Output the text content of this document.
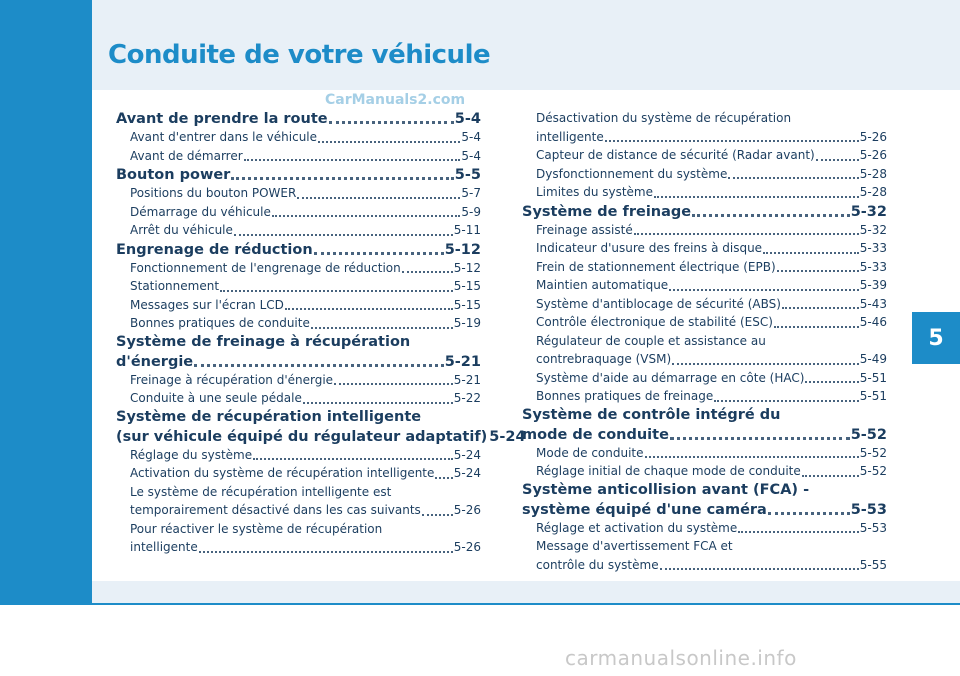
Conduite de votre véhicule
CarManuals2.com
carmanualsonline.info
5
Avant de prendre la route	5-4
Avant d'entrer dans le véhicule	5-4
Avant de démarrer	5-4
Bouton power	5-5
Positions du bouton POWER	5-7
Démarrage du véhicule	5-9
Arrêt du véhicule	5-11
Engrenage de réduction	5-12
Fonctionnement de l'engrenage de réduction	5-12
Stationnement	5-15
Messages sur l'écran LCD	5-15
Bonnes pratiques de conduite	5-19
Système de freinage à récupération
d'énergie	5-21
Freinage à récupération d'énergie	5-21
Conduite à une seule pédale	5-22
Système de récupération intelligente
(sur véhicule équipé du régulateur adaptatif) 5-24
Réglage du système	5-24
Activation du système de récupération intelligente 5-24
Le système de récupération intelligente est
temporairement désactivé dans les cas suivants	5-26
Pour réactiver le système de récupération
intelligente	5-26
Désactivation du système de récupération
intelligente	5-26
Capteur de distance de sécurité (Radar avant)	5-26
Dysfonctionnement du système	5-28
Limites du système	5-28
Système de freinage	5-32
Freinage assisté	5-32
Indicateur d'usure des freins à disque	5-33
Frein de stationnement électrique (EPB)	5-33
Maintien automatique	5-39
Système d'antiblocage de sécurité (ABS)	5-43
Contrôle électronique de stabilité (ESC)	5-46
Régulateur de couple et assistance au
contrebraquage (VSM)	5-49
Système d'aide au démarrage en côte (HAC)	5-51
Bonnes pratiques de freinage	5-51
Système de contrôle intégré du
mode de conduite	5-52
Mode de conduite	5-52
Réglage initial de chaque mode de conduite	5-52
Système anticollision avant (FCA) -
système équipé d'une caméra	5-53
Réglage et activation du système	5-53
Message d'avertissement FCA et
contrôle du système	5-55
